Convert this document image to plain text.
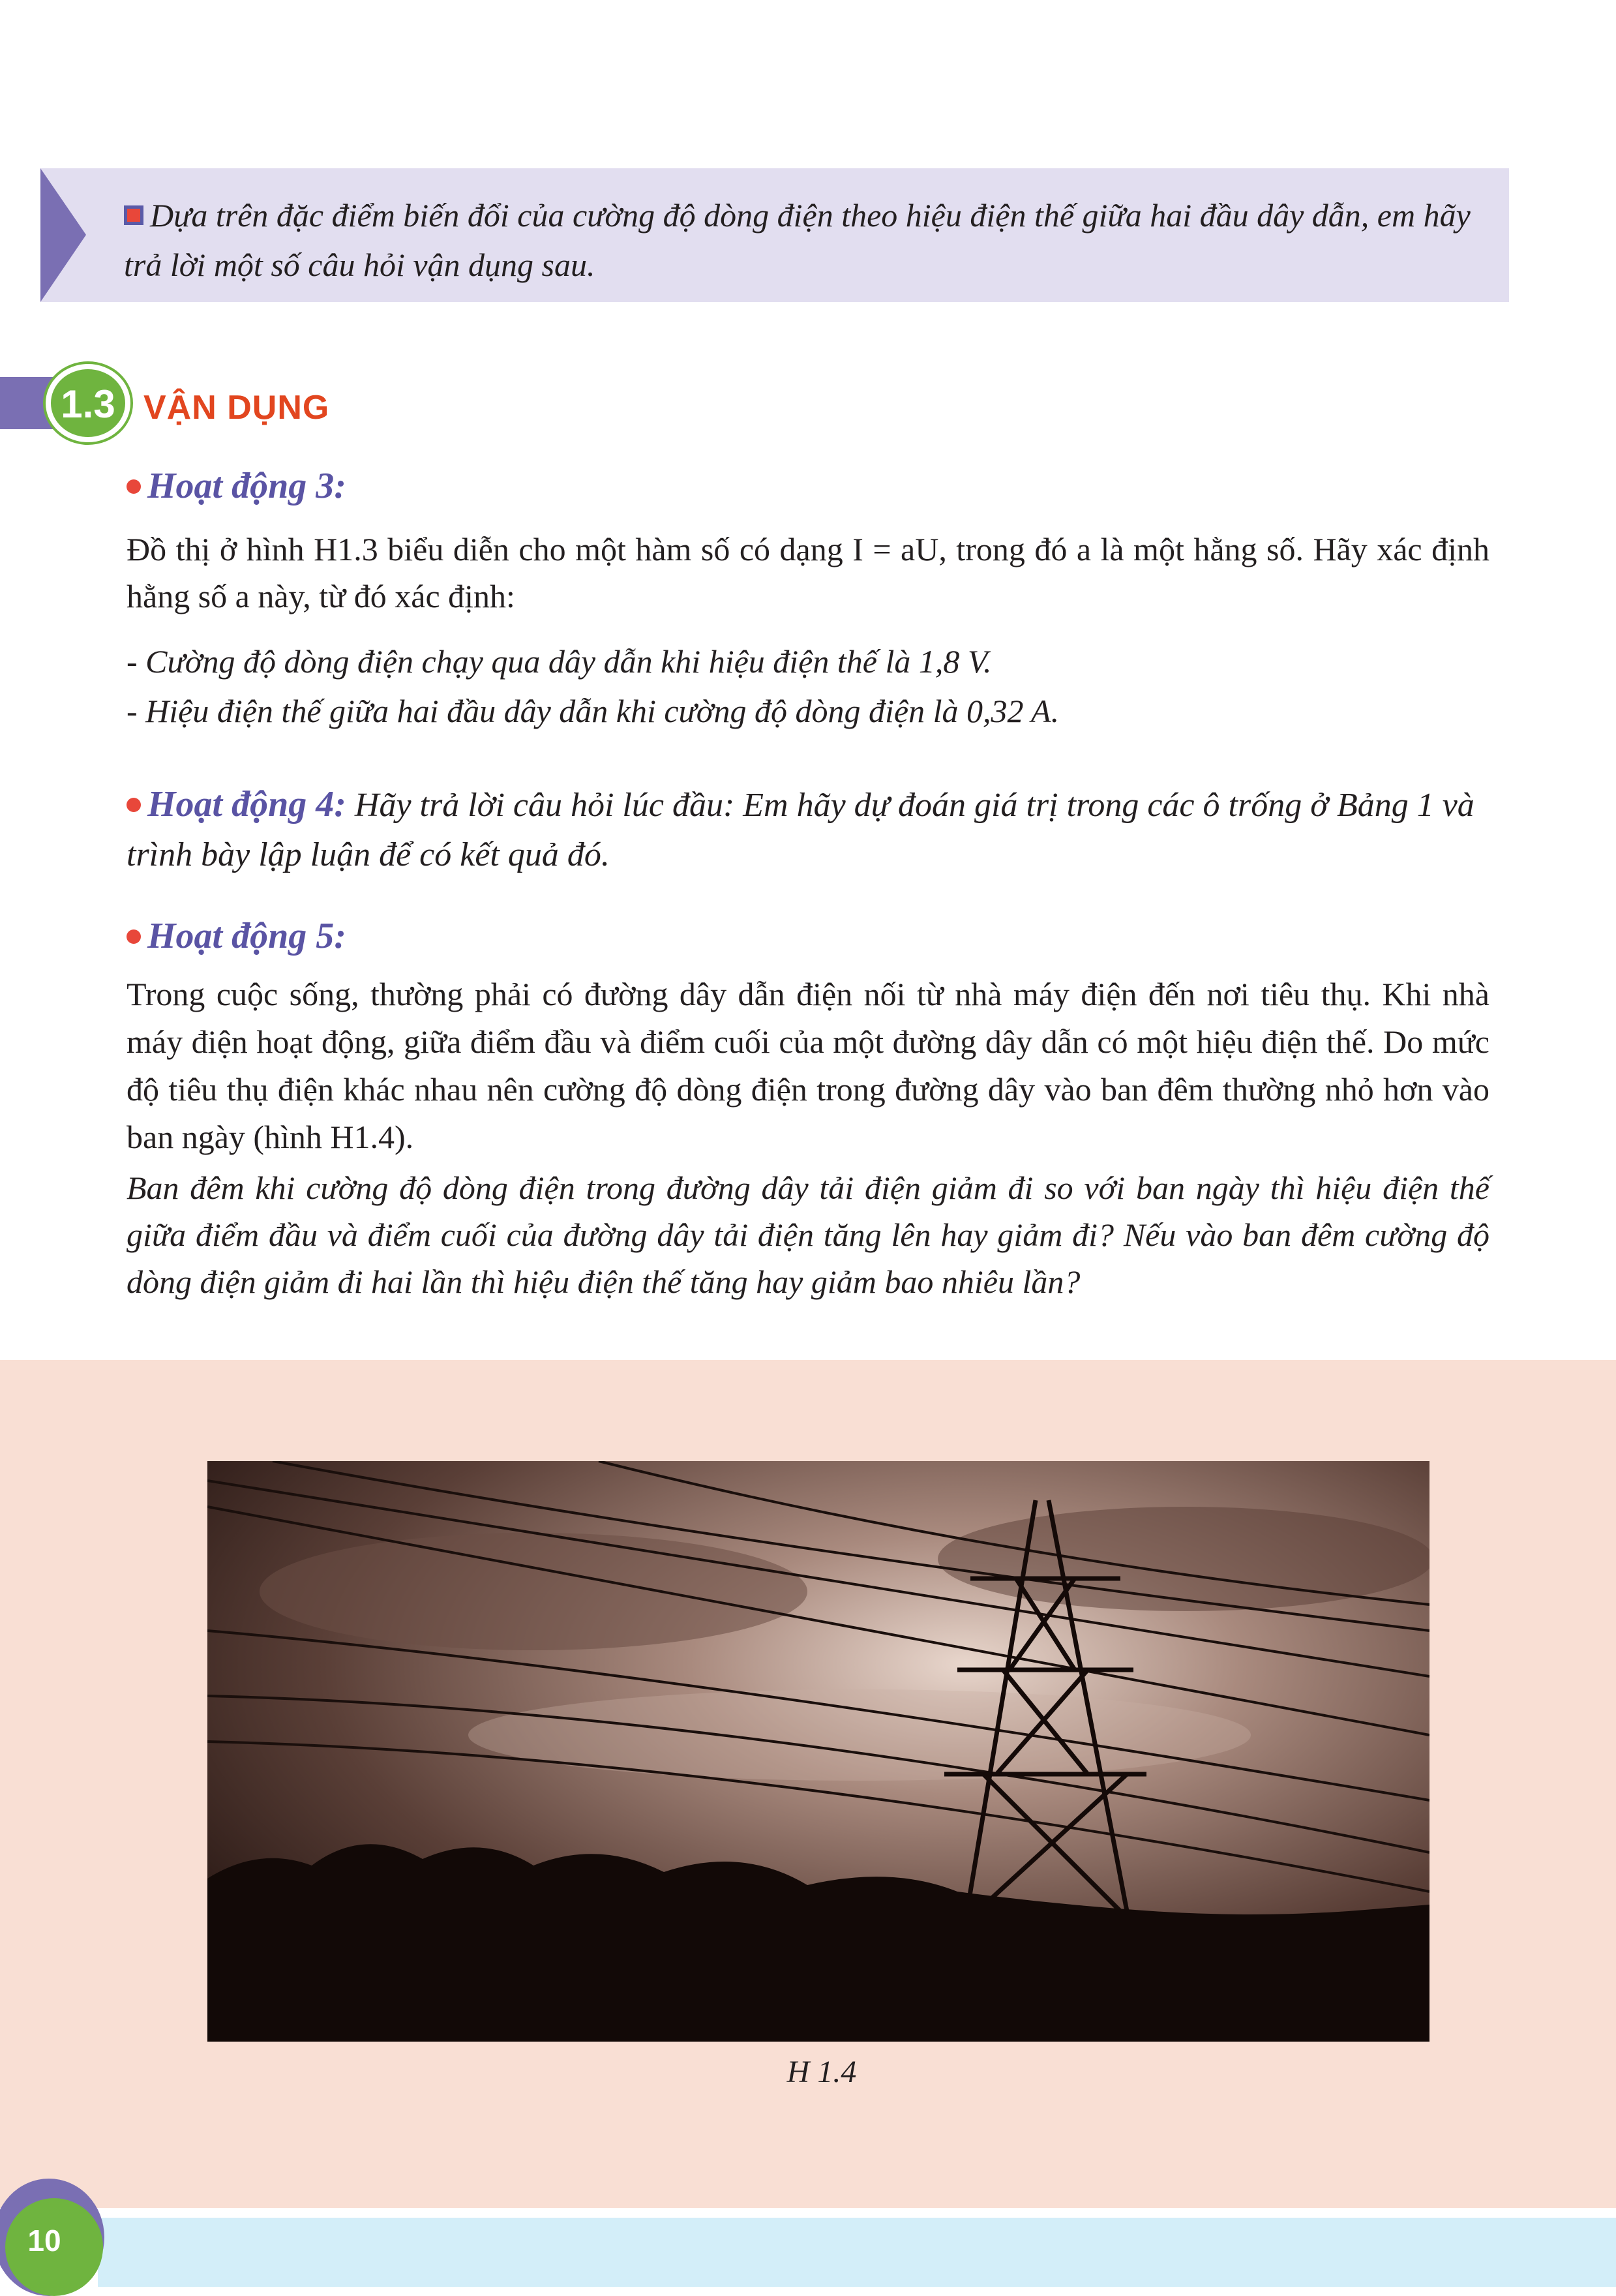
Dựa trên đặc điểm biến đổi của cường độ dòng điện theo hiệu điện thế giữa hai đầu dây dẫn, em hãy trả lời một số câu hỏi vận dụng sau.
1.3 VẬN DỤNG
Hoạt động 3:
Đồ thị ở hình H1.3 biểu diễn cho một hàm số có dạng I = aU, trong đó a là một hằng số. Hãy xác định hằng số a này, từ đó xác định:
- Cường độ dòng điện chạy qua dây dẫn khi hiệu điện thế là 1,8 V.
- Hiệu điện thế giữa hai đầu dây dẫn khi cường độ dòng điện là 0,32 A.
Hoạt động 4: Hãy trả lời câu hỏi lúc đầu: Em hãy dự đoán giá trị trong các ô trống ở Bảng 1 và trình bày lập luận để có kết quả đó.
Hoạt động 5:
Trong cuộc sống, thường phải có đường dây dẫn điện nối từ nhà máy điện đến nơi tiêu thụ. Khi nhà máy điện hoạt động, giữa điểm đầu và điểm cuối của một đường dây dẫn có một hiệu điện thế. Do mức độ tiêu thụ điện khác nhau nên cường độ dòng điện trong đường dây vào ban đêm thường nhỏ hơn vào ban ngày (hình H1.4).
Ban đêm khi cường độ dòng điện trong đường dây tải điện giảm đi so với ban ngày thì hiệu điện thế giữa điểm đầu và điểm cuối của đường dây tải điện tăng lên hay giảm đi? Nếu vào ban đêm cường độ dòng điện giảm đi hai lần thì hiệu điện thế tăng hay giảm bao nhiêu lần?
H 1.4
10
